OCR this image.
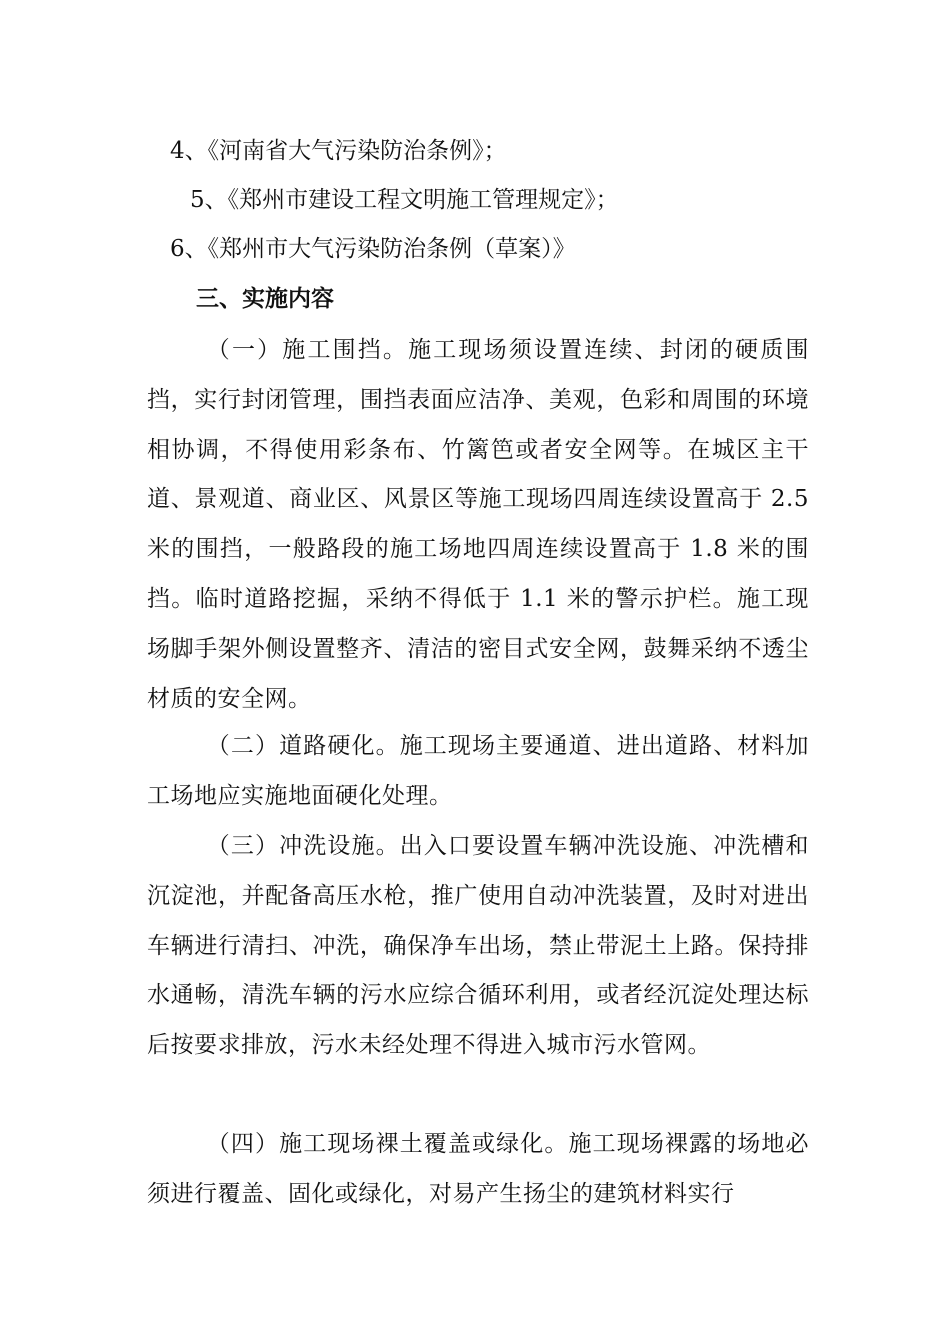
4、《河南省大气污染防治条例》；
5、《郑州市建设工程文明施工管理规定》；
6、《郑州市大气污染防治条例（草案）》
三、实施内容

（一）施工围挡。施工现场须设置连续、封闭的硬质围挡，实行封闭管理，围挡表面应洁净、美观，色彩和周围的环境相协调，不得使用彩条布、竹篱笆或者安全网等。在城区主干道、景观道、商业区、风景区等施工现场四周连续设置高于 2.5 米的围挡，一般路段的施工场地四周连续设置高于 1.8 米的围挡。临时道路挖掘，采纳不得低于 1.1 米的警示护栏。施工现场脚手架外侧设置整齐、清洁的密目式安全网，鼓舞采纳不透尘材质的安全网。

（二）道路硬化。施工现场主要通道、进出道路、材料加工场地应实施地面硬化处理。

（三）冲洗设施。出入口要设置车辆冲洗设施、冲洗槽和沉淀池，并配备高压水枪，推广使用自动冲洗装置，及时对进出车辆进行清扫、冲洗，确保净车出场，禁止带泥土上路。保持排水通畅，清洗车辆的污水应综合循环利用，或者经沉淀处理达标后按要求排放，污水未经处理不得进入城市污水管网。

（四）施工现场裸土覆盖或绿化。施工现场裸露的场地必须进行覆盖、固化或绿化，对易产生扬尘的建筑材料实行
